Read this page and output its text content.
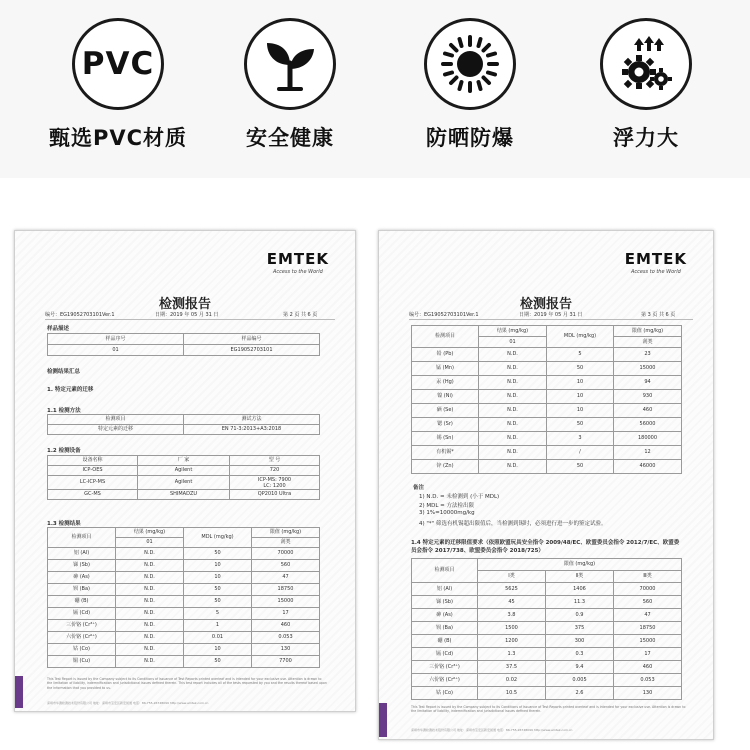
PVC
甄选PVC材质	安全健康	防晒防爆	浮力大
EMTEK
Access to the World
检测报告
编号：EG19052703101Ver.1	日期：2019 年 05 月 31 日	第 2 页 共 6 页
样品描述
样品序号	样品编号
01	EG19052703101
检测结果汇总
1. 特定元素的迁移
1.1 检测方法
检测项目	测试方法
特定元素的迁移	EN 71-3:2013+A3:2018
1.2 检测设备
设备名称	厂 家	型 号
ICP-OES	Agilent	720
LC-ICP-MS	Agilent	ICP-MS: 7900
LC: 1200
GC-MS	SHIMADZU	QP2010 Ultra
1.3 检测结果
检测项目	结果 (mg/kg)	MDL (mg/kg)	限值 (mg/kg)
	01		刮类
铝 (Al)	N.D.	50	70000
锑 (Sb)	N.D.	10	560
砷 (As)	N.D.	10	47
钡 (Ba)	N.D.	50	18750
硼 (B)	N.D.	50	15000
镉 (Cd)	N.D.	5	17
三价铬 (Cr³⁺)	N.D.	1	460
六价铬 (Cr⁶⁺)	N.D.	0.01	0.053
钴 (Co)	N.D.	10	130
铜 (Cu)	N.D.	50	7700
This Test Report is issued by the Company subject to its Conditions of Issuance of Test Reports printed overleaf and is intended for your exclusive use. Attention is drawn to the limitation of liability, indemnification and jurisdictional issues defined therein. This test report includes all of the tests requested by you and the results thereof based upon the information that you provided to us.
深圳市华测检测技术股份有限公司 地址：深圳市宝安区新安街道 电话：86-755-26748099 http://www.emtek.com.cn
EMTEK
Access to the World
检测报告
编号：EG19052703101Ver.1	日期：2019 年 05 月 31 日	第 3 页 共 6 页
检测项目	结果 (mg/kg)	MDL (mg/kg)	限值 (mg/kg)
	01		刮类
铅 (Pb)	N.D.	5	23
锰 (Mn)	N.D.	50	15000
汞 (Hg)	N.D.	10	94
镍 (Ni)	N.D.	10	930
硒 (Se)	N.D.	10	460
锶 (Sr)	N.D.	50	56000
锡 (Sn)	N.D.	3	180000
有机锡*	N.D.	/	12
锌 (Zn)	N.D.	50	46000
备注
1) N.D. = 未检测到 (小于 MDL)
2) MDL = 方法检出限
3) 1%=10000mg/kg
4) "*" 筛选有机锡超出限值后，当检测到锡时，必须进行进一步的鉴定试验。
1.4 特定元素的迁移限值要求（依照欧盟玩具安全指令 2009/48/EC、欧盟委员会指令 2012/7/EC、欧盟委员会指令 2017/738、欧盟委员会指令 2018/725）
检测项目	限值 (mg/kg)		
	Ⅰ类	Ⅱ类	Ⅲ类
铝 (Al)	5625	1406	70000
锑 (Sb)	45	11.3	560
砷 (As)	3.8	0.9	47
钡 (Ba)	1500	375	18750
硼 (B)	1200	300	15000
镉 (Cd)	1.3	0.3	17
三价铬 (Cr³⁺)	37.5	9.4	460
六价铬 (Cr⁶⁺)	0.02	0.005	0.053
钴 (Co)	10.5	2.6	130
This Test Report is issued by the Company subject to its Conditions of Issuance of Test Reports printed overleaf and is intended for your exclusive use. Attention is drawn to the limitation of liability, indemnification and jurisdictional issues defined therein.
深圳市华测检测技术股份有限公司 地址：深圳市宝安区新安街道 电话：86-755-26748099 http://www.emtek.com.cn
